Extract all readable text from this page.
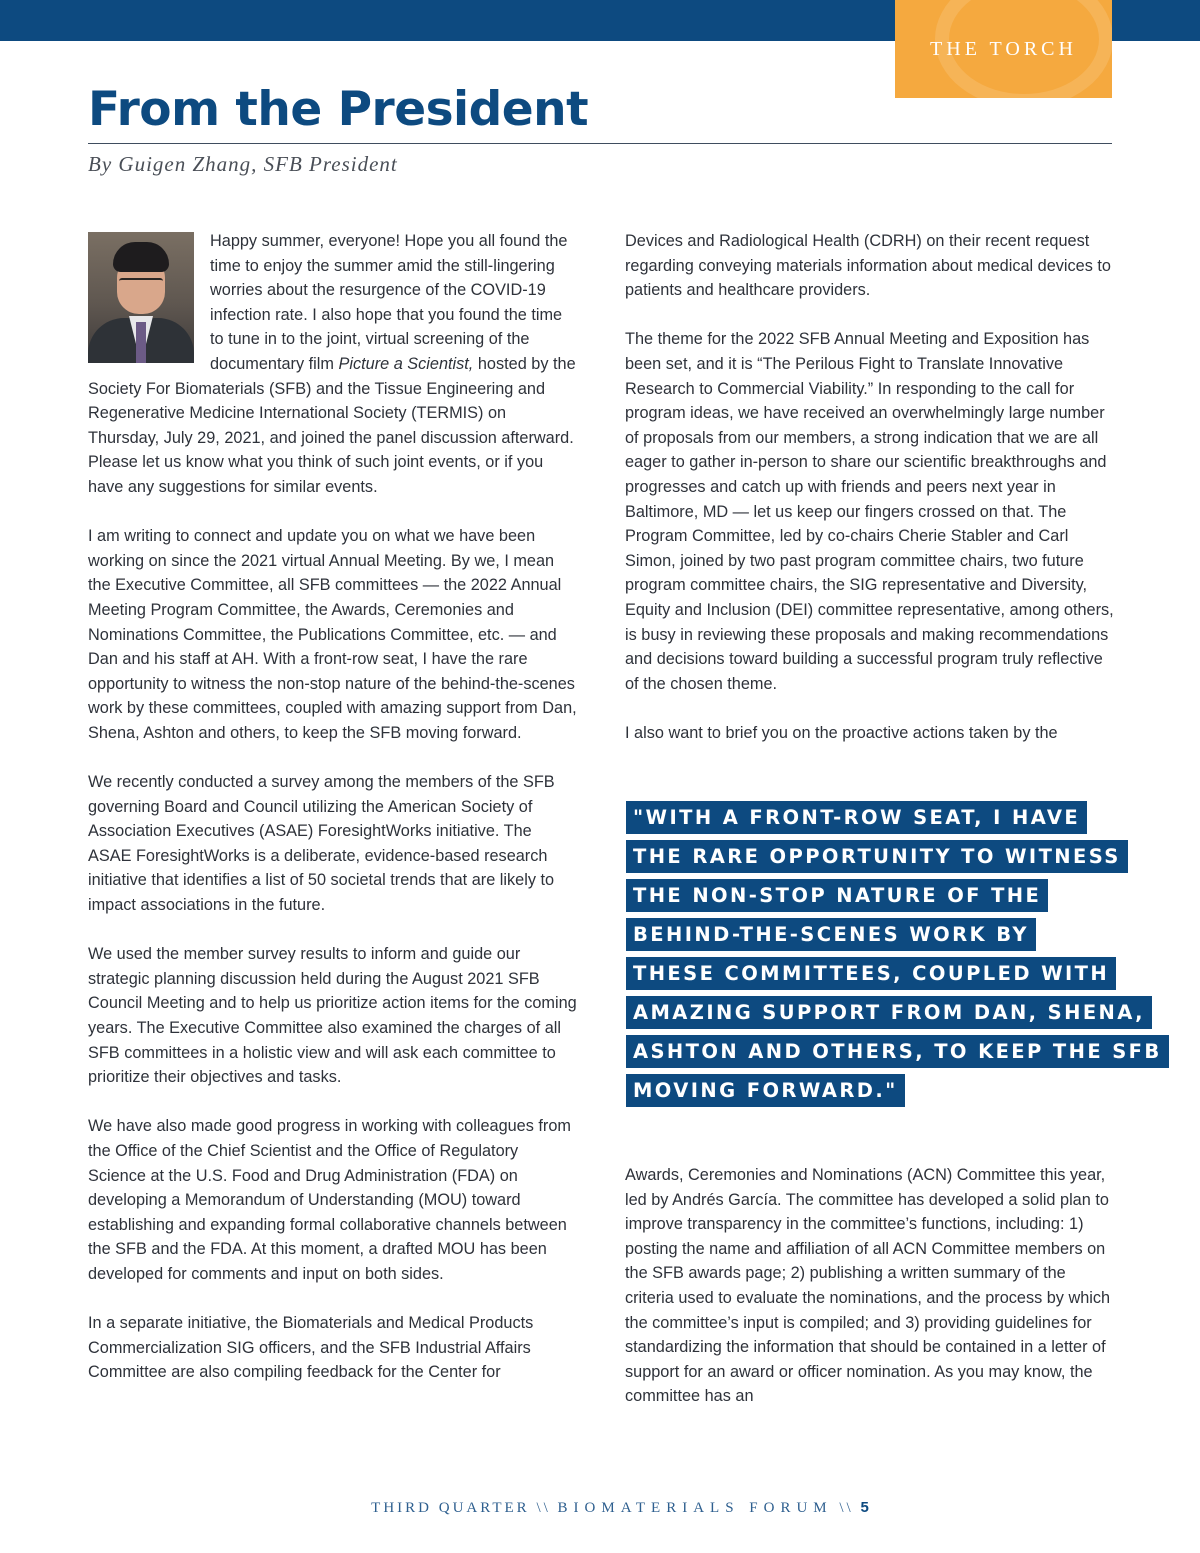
THE TORCH
From the President
By Guigen Zhang, SFB President

Happy summer, everyone! Hope you all found the time to enjoy the summer amid the still-lingering worries about the resurgence of the COVID-19 infection rate. I also hope that you found the time to tune in to the joint, virtual screening of the documentary film Picture a Scientist, hosted by the Society For Biomaterials (SFB) and the Tissue Engineering and Regenerative Medicine International Society (TERMIS) on Thursday, July 29, 2021, and joined the panel discussion afterward. Please let us know what you think of such joint events, or if you have any suggestions for similar events.

I am writing to connect and update you on what we have been working on since the 2021 virtual Annual Meeting. By we, I mean the Executive Committee, all SFB committees — the 2022 Annual Meeting Program Committee, the Awards, Ceremonies and Nominations Committee, the Publications Committee, etc. — and Dan and his staff at AH. With a front-row seat, I have the rare opportunity to witness the non-stop nature of the behind-the-scenes work by these committees, coupled with amazing support from Dan, Shena, Ashton and others, to keep the SFB moving forward.

We recently conducted a survey among the members of the SFB governing Board and Council utilizing the American Society of Association Executives (ASAE) ForesightWorks initiative. The ASAE ForesightWorks is a deliberate, evidence-based research initiative that identifies a list of 50 societal trends that are likely to impact associations in the future.

We used the member survey results to inform and guide our strategic planning discussion held during the August 2021 SFB Council Meeting and to help us prioritize action items for the coming years. The Executive Committee also examined the charges of all SFB committees in a holistic view and will ask each committee to prioritize their objectives and tasks.

We have also made good progress in working with colleagues from the Office of the Chief Scientist and the Office of Regulatory Science at the U.S. Food and Drug Administration (FDA) on developing a Memorandum of Understanding (MOU) toward establishing and expanding formal collaborative channels between the SFB and the FDA. At this moment, a drafted MOU has been developed for comments and input on both sides.

In a separate initiative, the Biomaterials and Medical Products Commercialization SIG officers, and the SFB Industrial Affairs Committee are also compiling feedback for the Center for

Devices and Radiological Health (CDRH) on their recent request regarding conveying materials information about medical devices to patients and healthcare providers.

The theme for the 2022 SFB Annual Meeting and Exposition has been set, and it is “The Perilous Fight to Translate Innovative Research to Commercial Viability.” In responding to the call for program ideas, we have received an overwhelmingly large number of proposals from our members, a strong indication that we are all eager to gather in-person to share our scientific breakthroughs and progresses and catch up with friends and peers next year in Baltimore, MD — let us keep our fingers crossed on that. The Program Committee, led by co-chairs Cherie Stabler and Carl Simon, joined by two past program committee chairs, two future program committee chairs, the SIG representative and Diversity, Equity and Inclusion (DEI) committee representative, among others, is busy in reviewing these proposals and making recommendations and decisions toward building a successful program truly reflective of the chosen theme.

I also want to brief you on the proactive actions taken by the

"WITH A FRONT-ROW SEAT, I HAVE
THE RARE OPPORTUNITY TO WITNESS
THE NON-STOP NATURE OF THE
BEHIND-THE-SCENES WORK BY
THESE COMMITTEES, COUPLED WITH
AMAZING SUPPORT FROM DAN, SHENA,
ASHTON AND OTHERS, TO KEEP THE SFB
MOVING FORWARD."

Awards, Ceremonies and Nominations (ACN) Committee this year, led by Andrés García. The committee has developed a solid plan to improve transparency in the committee’s functions, including: 1) posting the name and affiliation of all ACN Committee members on the SFB awards page; 2) publishing a written summary of the criteria used to evaluate the nominations, and the process by which the committee’s input is compiled; and 3) providing guidelines for standardizing the information that should be contained in a letter of support for an award or officer nomination. As you may know, the committee has an

THIRD QUARTER \\ BIOMATERIALS FORUM \\ 5
